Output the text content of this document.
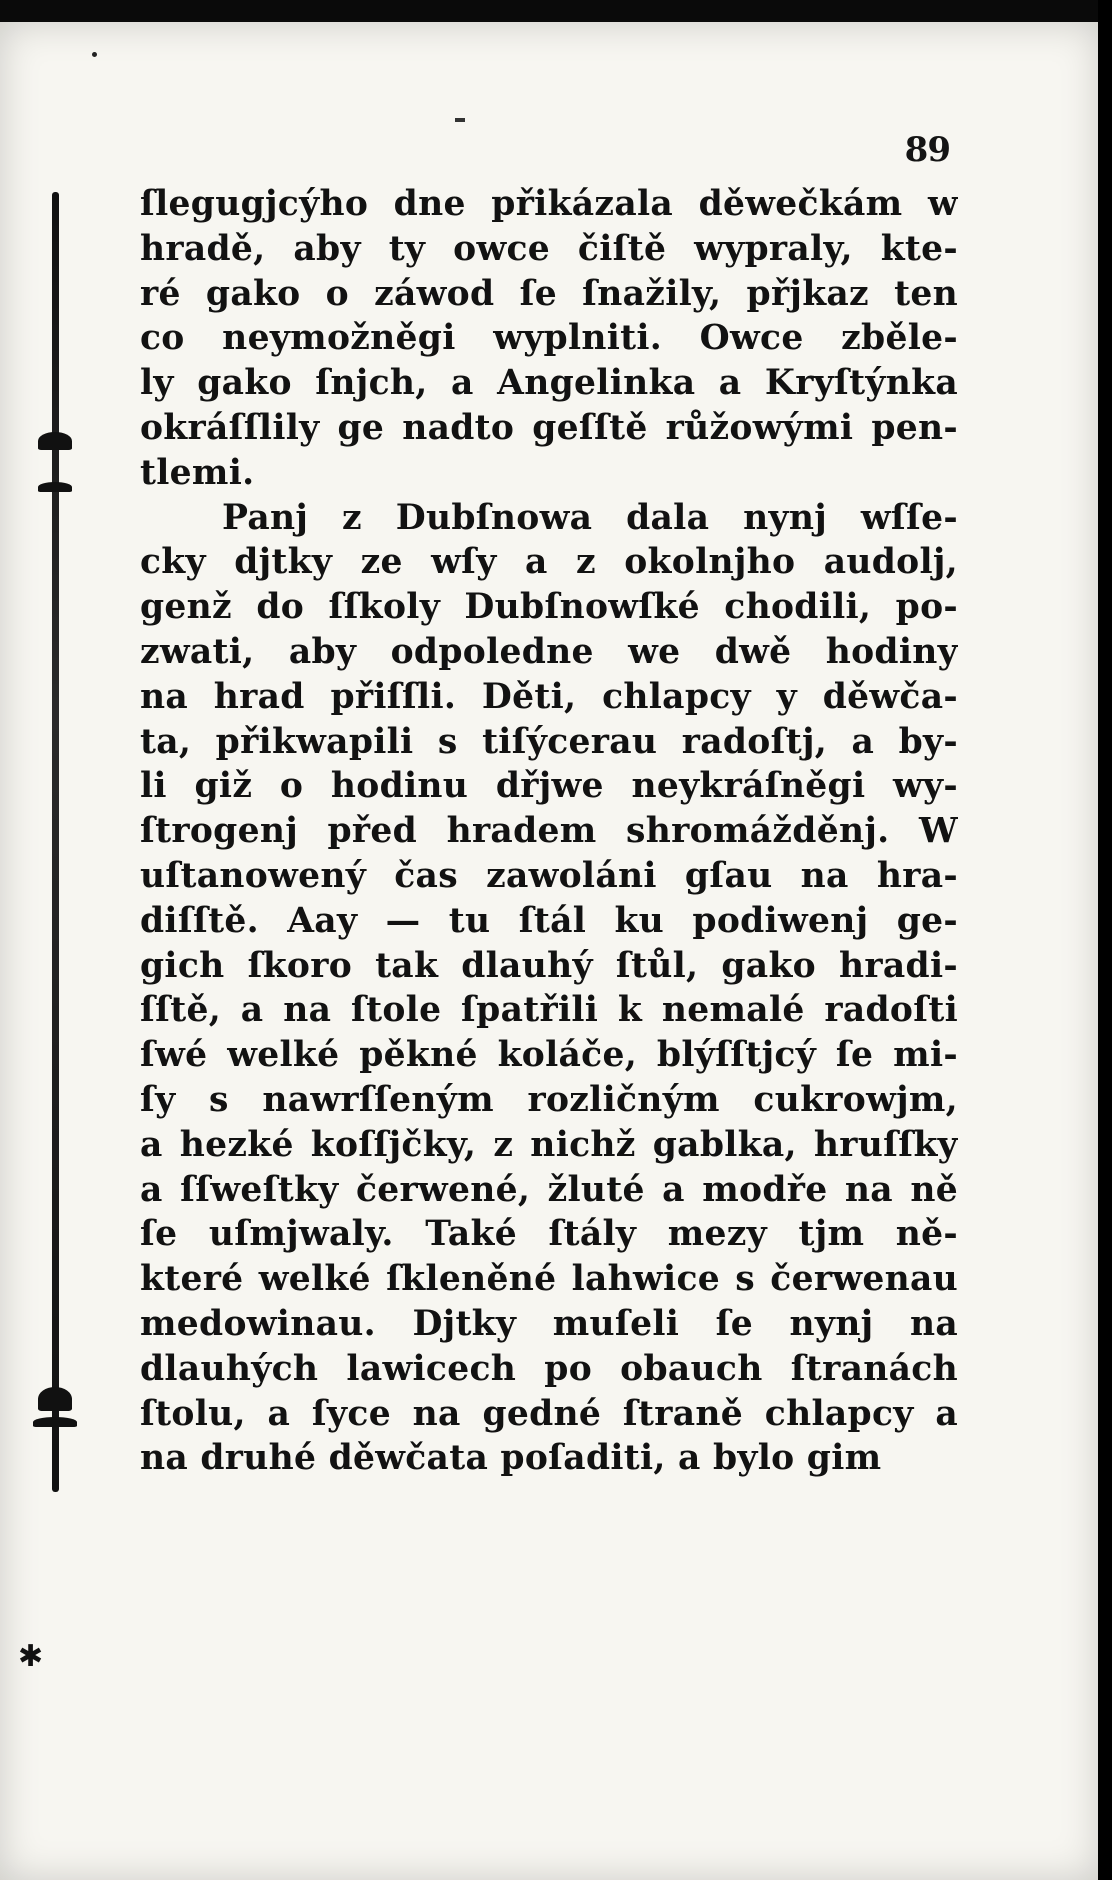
✱
89
ſlegugjcýho dne přikázala děwečkám w
hradě, aby ty owce čiſtě wypraly, kte-
ré gako o záwod ſe ſnažily, přjkaz ten
co neymožněgi wyplniti. Owce zběle-
ly gako ſnjch, a Angelinka a Kryſtýnka
okráſſlily ge nadto geſſtě růžowými pen-
tlemi.
Panj z Dubſnowa dala nynj wſſe-
cky djtky ze wſy a z okolnjho audolj,
genž do ſſkoly Dubſnowſké chodili, po-
zwati, aby odpoledne we dwě hodiny
na hrad přiſſli. Děti, chlapcy y děwča-
ta, přikwapili s tiſýcerau radoſtj, a by-
li giž o hodinu dřjwe neykráſněgi wy-
ſtrogenj před hradem shromážděnj. W
uſtanowený čas zawoláni gſau na hra-
diſſtě. Aay — tu ſtál ku podiwenj ge-
gich ſkoro tak dlauhý ſtůl, gako hradi-
ſſtě, a na ſtole ſpatřili k nemalé radoſti
ſwé welké pěkné koláče, blýſſtjcý ſe mi-
ſy s nawrſſeným rozličným cukrowjm,
a hezké koſſjčky, z nichž gablka, hruſſky
a ſſweſtky čerwené, žluté a modře na ně
ſe uſmjwaly. Také ſtály mezy tjm ně-
které welké ſkleněné lahwice s čerwenau
medowinau. Djtky muſeli ſe nynj na
dlauhých lawicech po obauch ſtranách
ſtolu, a ſyce na gedné ſtraně chlapcy a
na druhé děwčata poſaditi, a bylo gim
